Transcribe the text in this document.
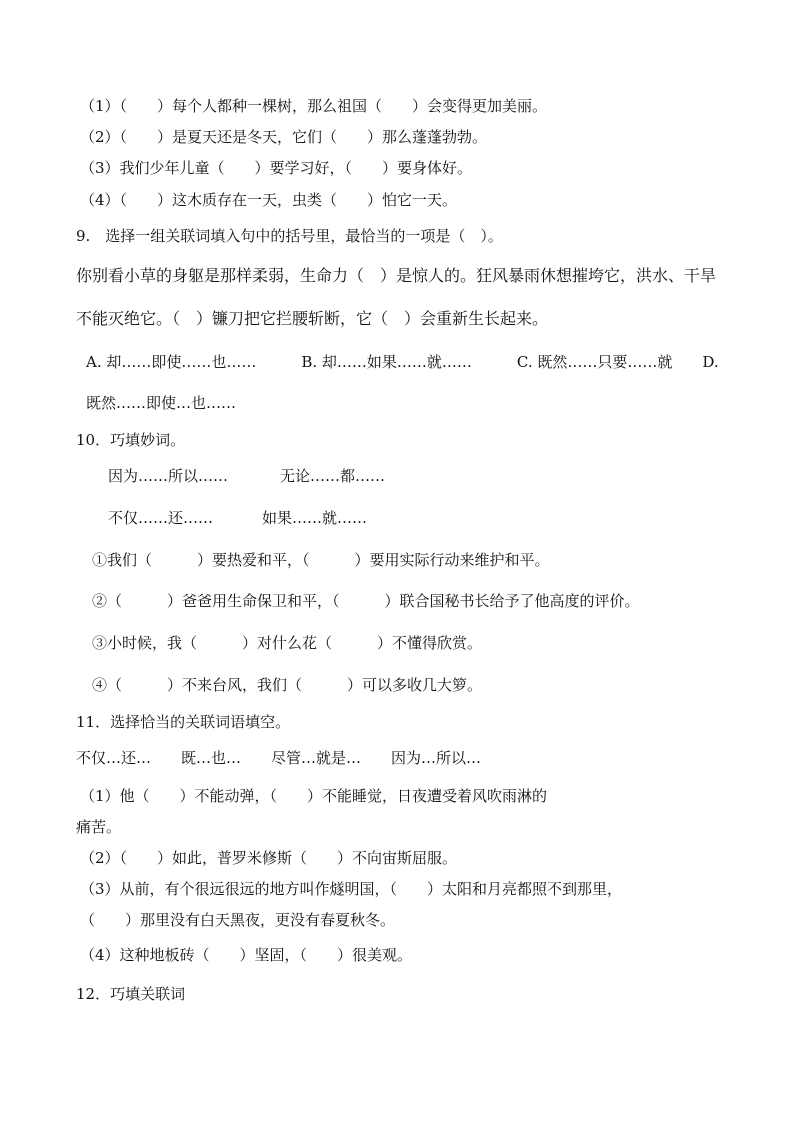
（1）（　　）每个人都种一棵树，那么祖国（　　）会变得更加美丽。
（2）（　　）是夏天还是冬天，它们（　　）那么蓬蓬勃勃。
（3）我们少年儿童（　　）要学习好，（　　）要身体好。
（4）（　　）这木质存在一天，虫类（　　）怕它一天。
9.　选择一组关联词填入句中的括号里，最恰当的一项是（　）。
你别看小草的身躯是那样柔弱，生命力（　）是惊人的。狂风暴雨休想摧垮它，洪水、干旱
不能灭绝它。（　）镰刀把它拦腰斩断，它（　）会重新生长起来。
A. 却……即使……也……　　　B. 却……如果……就……　　　C. 既然……只要……就　　D.
既然……即使…也……
10．巧填妙词。
因为……所以……	无论……都……
不仅……还……	如果……就……
①我们（　　　）要热爱和平，（　　　）要用实际行动来维护和平。
②（　　　）爸爸用生命保卫和平，（　　　）联合国秘书长给予了他高度的评价。
③小时候，我（　　　）对什么花（　　　）不懂得欣赏。
④（　　　）不来台风，我们（　　　）可以多收几大箩。
11．选择恰当的关联词语填空。
不仅…还…　　既…也…　　尽管…就是…　　因为…所以…
（1）他（　　）不能动弹，（　　）不能睡觉，日夜遭受着风吹雨淋的
痛苦。
（2）（　　）如此，普罗米修斯（　　）不向宙斯屈服。
（3）从前，有个很远很远的地方叫作燧明国，（　　）太阳和月亮都照不到那里，
（　　）那里没有白天黑夜，更没有春夏秋冬。
（4）这种地板砖（　　）坚固，（　　）很美观。
12．巧填关联词
